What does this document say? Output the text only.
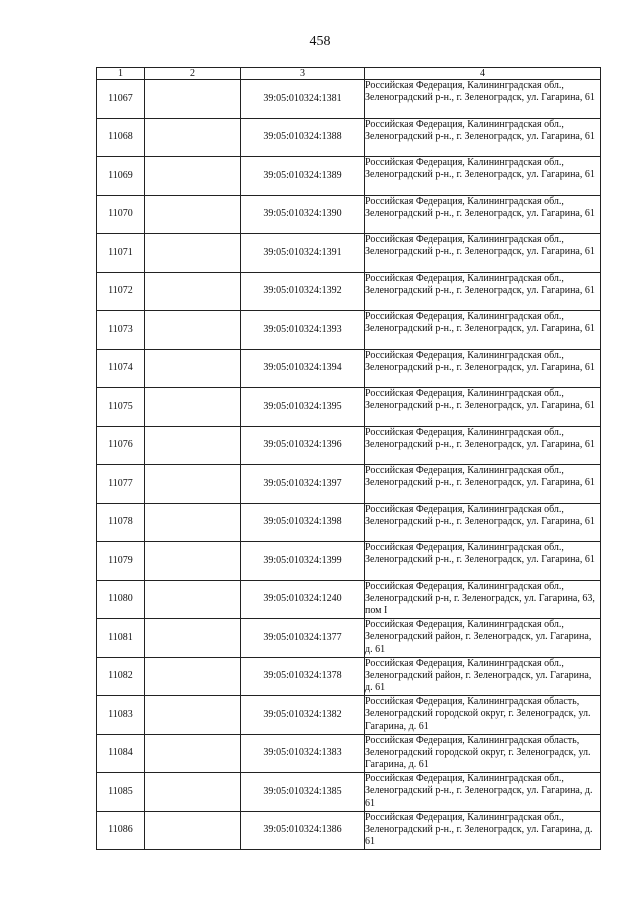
458
1	2	3	4
11067		39:05:010324:1381	Российская Федерация, Калининградская обл., Зеленоградский р-н., г. Зеленоградск, ул. Гагарина, 61
11068		39:05:010324:1388	Российская Федерация, Калининградская обл., Зеленоградский р-н., г. Зеленоградск, ул. Гагарина, 61
11069		39:05:010324:1389	Российская Федерация, Калининградская обл., Зеленоградский р-н., г. Зеленоградск, ул. Гагарина, 61
11070		39:05:010324:1390	Российская Федерация, Калининградская обл., Зеленоградский р-н., г. Зеленоградск, ул. Гагарина, 61
11071		39:05:010324:1391	Российская Федерация, Калининградская обл., Зеленоградский р-н., г. Зеленоградск, ул. Гагарина, 61
11072		39:05:010324:1392	Российская Федерация, Калининградская обл., Зеленоградский р-н., г. Зеленоградск, ул. Гагарина, 61
11073		39:05:010324:1393	Российская Федерация, Калининградская обл., Зеленоградский р-н., г. Зеленоградск, ул. Гагарина, 61
11074		39:05:010324:1394	Российская Федерация, Калининградская обл., Зеленоградский р-н., г. Зеленоградск, ул. Гагарина, 61
11075		39:05:010324:1395	Российская Федерация, Калининградская обл., Зеленоградский р-н., г. Зеленоградск, ул. Гагарина, 61
11076		39:05:010324:1396	Российская Федерация, Калининградская обл., Зеленоградский р-н., г. Зеленоградск, ул. Гагарина, 61
11077		39:05:010324:1397	Российская Федерация, Калининградская обл., Зеленоградский р-н., г. Зеленоградск, ул. Гагарина, 61
11078		39:05:010324:1398	Российская Федерация, Калининградская обл., Зеленоградский р-н., г. Зеленоградск, ул. Гагарина, 61
11079		39:05:010324:1399	Российская Федерация, Калининградская обл., Зеленоградский р-н., г. Зеленоградск, ул. Гагарина, 61
11080		39:05:010324:1240	Российская Федерация, Калининградская обл., Зеленоградский р-н, г. Зеленоградск, ул. Гагарина, 63, пом I
11081		39:05:010324:1377	Российская Федерация, Калининградская обл., Зеленоградский район, г. Зеленоградск, ул. Гагарина, д. 61
11082		39:05:010324:1378	Российская Федерация, Калининградская обл., Зеленоградский район, г. Зеленоградск, ул. Гагарина, д. 61
11083		39:05:010324:1382	Российская Федерация, Калининградская область, Зеленоградский городской округ, г. Зеленоградск, ул. Гагарина, д. 61
11084		39:05:010324:1383	Российская Федерация, Калининградская область, Зеленоградский городской округ, г. Зеленоградск, ул. Гагарина, д. 61
11085		39:05:010324:1385	Российская Федерация, Калининградская обл., Зеленоградский р-н., г. Зеленоградск, ул. Гагарина, д. 61
11086		39:05:010324:1386	Российская Федерация, Калининградская обл., Зеленоградский р-н., г. Зеленоградск, ул. Гагарина, д. 61
